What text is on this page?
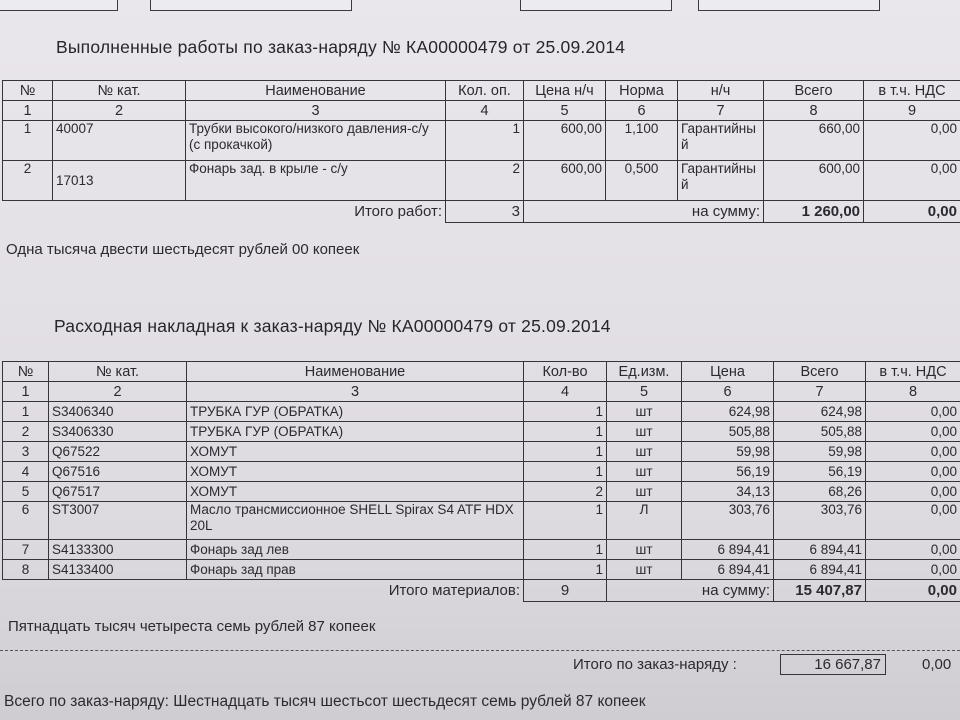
Выполненные работы по заказ-наряду № КА00000479 от 25.09.2014
№	№ кат.	Наименование	Кол. оп.	Цена н/ч	Норма	н/ч	Всего	в т.ч. НДС
1	2	3	4	5	6	7	8	9
1	40007	Трубки высокого/низкого давления-с/у (с прокачкой)	1	600,00	1,100	Гарантийный	660,00	0,00
2	17013	Фонарь зад. в крыле - с/у	2	600,00	0,500	Гарантийный	600,00	0,00
Итого работ:			3	на сумму:			1 260,00	0,00
Одна тысяча двести шестьдесят рублей 00 копеек
Расходная накладная к заказ-наряду № КА00000479 от 25.09.2014
№	№ кат.	Наименование	Кол-во	Ед.изм.	Цена	Всего	в т.ч. НДС
1	2	3	4	5	6	7	8
1	S3406340	ТРУБКА ГУР (ОБРАТКА)	1	шт	624,98	624,98	0,00
2	S3406330	ТРУБКА ГУР (ОБРАТКА)	1	шт	505,88	505,88	0,00
3	Q67522	ХОМУТ	1	шт	59,98	59,98	0,00
4	Q67516	ХОМУТ	1	шт	56,19	56,19	0,00
5	Q67517	ХОМУТ	2	шт	34,13	68,26	0,00
6	ST3007	Масло трансмиссионное SHELL Spirax S4 ATF HDX 20L	1	Л	303,76	303,76	0,00
7	S4133300	Фонарь зад лев	1	шт	6 894,41	6 894,41	0,00
8	S4133400	Фонарь зад прав	1	шт	6 894,41	6 894,41	0,00
Итого материалов:			9	на сумму:		15 407,87	0,00
Пятнадцать тысяч четыреста семь рублей 87 копеек
Итого по заказ-наряду :	16 667,87	0,00
Всего по заказ-наряду: Шестнадцать тысяч шестьсот шестьдесят семь рублей 87 копеек
